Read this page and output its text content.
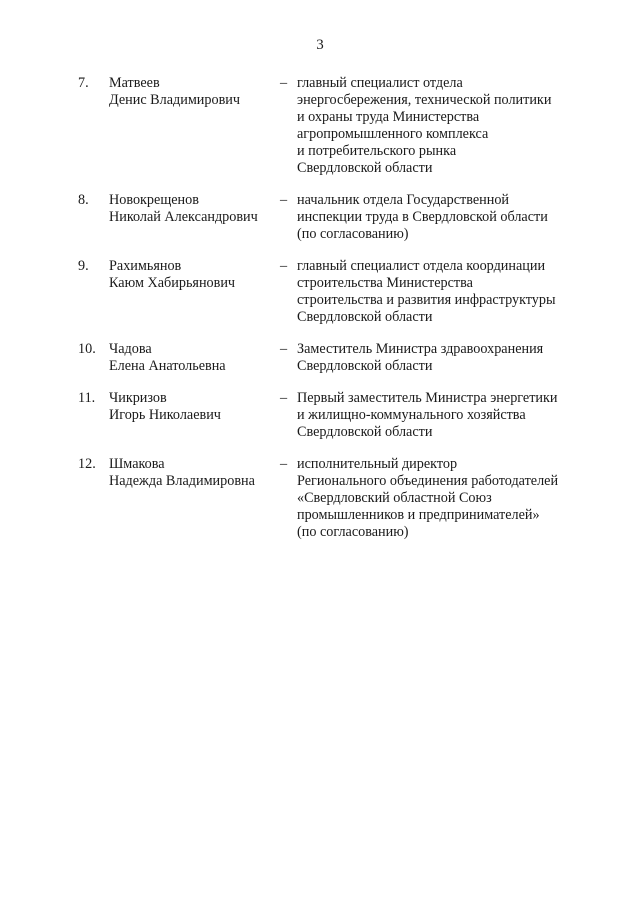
3
7.	Матвеев
Денис Владимирович
– главный специалист отдела
энергосбережения, технической политики
и охраны труда Министерства
агропромышленного комплекса
и потребительского рынка
Свердловской области
8.	Новокрещенов
Николай Александрович
– начальник отдела Государственной
инспекции труда в Свердловской области
(по согласованию)
9.	Рахимьянов
Каюм Хабирьянович
– главный специалист отдела координации
строительства Министерства
строительства и развития инфраструктуры
Свердловской области
10. Чадова
Елена Анатольевна
– Заместитель Министра здравоохранения
Свердловской области
11. Чикризов
Игорь Николаевич
– Первый заместитель Министра энергетики
и жилищно-коммунального хозяйства
Свердловской области
12. Шмакова
Надежда Владимировна
– исполнительный директор
Регионального объединения работодателей
«Свердловский областной Союз
промышленников и предпринимателей»
(по согласованию)
